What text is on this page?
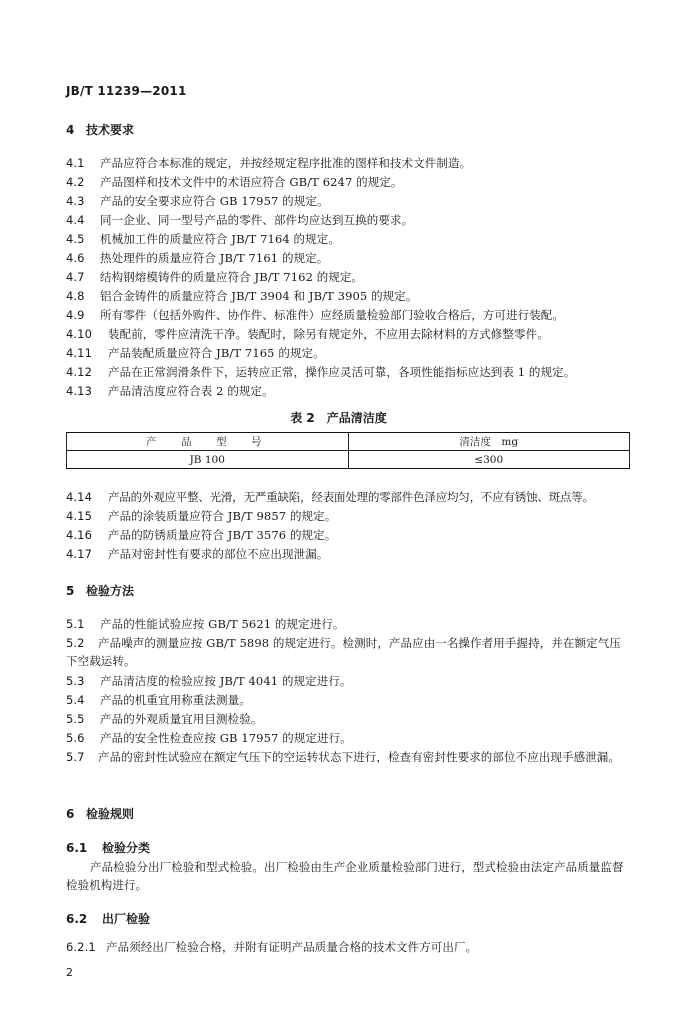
JB/T 11239—2011
4 技术要求
4.1 产品应符合本标准的规定，并按经规定程序批准的图样和技术文件制造。
4.2 产品图样和技术文件中的术语应符合 GB/T 6247 的规定。
4.3 产品的安全要求应符合 GB 17957 的规定。
4.4 同一企业、同一型号产品的零件、部件均应达到互换的要求。
4.5 机械加工件的质量应符合 JB/T 7164 的规定。
4.6 热处理件的质量应符合 JB/T 7161 的规定。
4.7 结构钢熔模铸件的质量应符合 JB/T 7162 的规定。
4.8 铝合金铸件的质量应符合 JB/T 3904 和 JB/T 3905 的规定。
4.9 所有零件（包括外购件、协作件、标准件）应经质量检验部门验收合格后，方可进行装配。
4.10 装配前，零件应清洗干净。装配时，除另有规定外，不应用去除材料的方式修整零件。
4.11 产品装配质量应符合 JB/T 7165 的规定。
4.12 产品在正常润滑条件下，运转应正常，操作应灵活可靠，各项性能指标应达到表 1 的规定。
4.13 产品清洁度应符合表 2 的规定。
表 2　产品清洁度
产　品　型　号	清洁度　mg
JB 100	≤300
4.14 产品的外观应平整、光滑，无严重缺陷，经表面处理的零部件色泽应均匀，不应有锈蚀、斑点等。
4.15 产品的涂装质量应符合 JB/T 9857 的规定。
4.16 产品的防锈质量应符合 JB/T 3576 的规定。
4.17 产品对密封性有要求的部位不应出现泄漏。
5 检验方法
5.1 产品的性能试验应按 GB/T 5621 的规定进行。
5.2 产品噪声的测量应按 GB/T 5898 的规定进行。检测时，产品应由一名操作者用手握持，并在额定气压下空载运转。
5.3 产品清洁度的检验应按 JB/T 4041 的规定进行。
5.4 产品的机重宜用称重法测量。
5.5 产品的外观质量宜用目测检验。
5.6 产品的安全性检查应按 GB 17957 的规定进行。
5.7 产品的密封性试验应在额定气压下的空运转状态下进行，检查有密封性要求的部位不应出现手感泄漏。
6 检验规则
6.1 检验分类
产品检验分出厂检验和型式检验。出厂检验由生产企业质量检验部门进行，型式检验由法定产品质量监督检验机构进行。
6.2 出厂检验
6.2.1 产品须经出厂检验合格，并附有证明产品质量合格的技术文件方可出厂。
2
